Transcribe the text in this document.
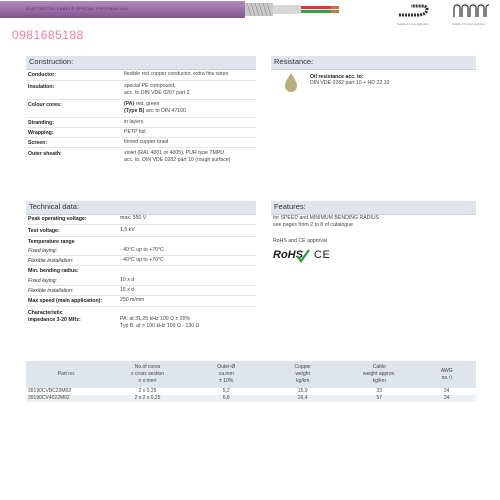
ELETTROTEK-KABEL® SPECIAL PROFIBUS 644
0981685188
Suitable for chain application	Suitable for torsion application
Construction:
Conductor:	flexible red copper conductor, extra fine wires
Insulation:	special PE compound,
acc. to DIN VDE 0207 part 2
Colour cores:	(PA) red, green
(Type B) acc to DIN 47100
Stranding:	in layers
Wrapping:	PETP foil
Screen:	tinned copper braid
Outer sheath:	violet (RAL 4001 or 4005), PUR type TMPU
acc. to. DIN VDE 0282 part 10 (rough surface)
Resistance:
Oil resistance acc. to:
DIN VDE 0282 part 10 + HD 22.10
Technical data:
Peak operating voltage:	max. 350 V
Test voltage:	1,5 kV
Temperature range
Fixed laying:	- 40°C up to +70°C
Flexible installation:	- 40°C up to +70°C
Min. bending radius:
Fixed laying:	10 x d
Flexible installation:	15 x d
Max speed (main application):	250 m/min
Characteristic
impedance 3-20 MHz:	PA: at 31,25 kHz 100 Ω ± 20%
Typ B: at > 100 kHz 100 Ω - 130 Ω
Features:
for SPEED and MINIMUM BENDING RADIUS
see pages from 2 to 8 of catalogue
RoHS and CE approval
RoHS CE
Part no.	No.of cores
x cross section
n x mm²	Outer-Ø
ca.mm
± 10%	Copper
weight
kg/km	Cable
weight approx.
kg/km	AWG
no.¹)
39190CVBC20M02	2 x 0,25	5,2	15,9	33	24
39190CV4022M02	2 x 2 x 0,25	6,8	26,4	57	24
